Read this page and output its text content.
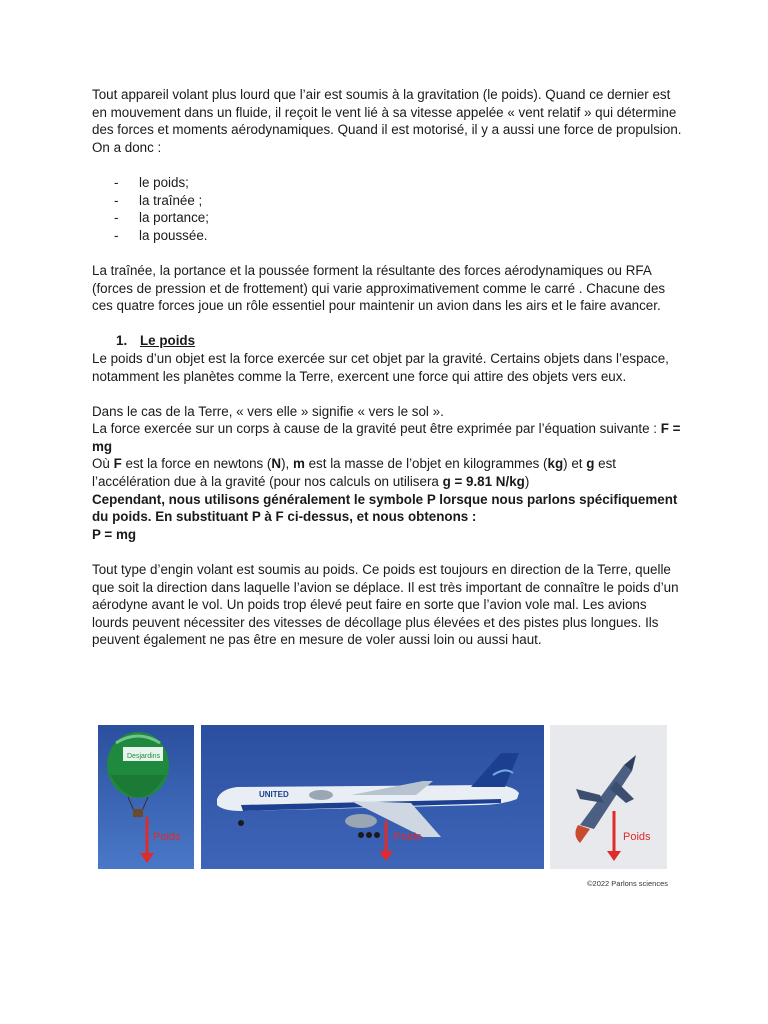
Tout appareil volant plus lourd que l’air est soumis à la gravitation (le poids). Quand ce dernier est en mouvement dans un fluide, il reçoit le vent lié à sa vitesse appelée « vent relatif » qui détermine des forces et moments aérodynamiques. Quand il est motorisé, il y a aussi une force de propulsion. On a donc :

- le poids;
- la traînée ;
- la portance;
- la poussée.

La traînée, la portance et la poussée forment la résultante des forces aérodynamiques ou RFA (forces de pression et de frottement) qui varie approximativement comme le carré . Chacune des ces quatre forces joue un rôle essentiel pour maintenir un avion dans les airs et le faire avancer.

1. Le poids

Le poids d’un objet est la force exercée sur cet objet par la gravité. Certains objets dans l’espace, notamment les planètes comme la Terre, exercent une force qui attire des objets vers eux.

Dans le cas de la Terre, « vers elle » signifie « vers le sol ».

La force exercée sur un corps à cause de la gravité peut être exprimée par l’équation suivante : F = mg

Où F est la force en newtons (N), m est la masse de l’objet en kilogrammes (kg) et g est l’accélération due à la gravité (pour nos calculs on utilisera g = 9.81 N/kg)

Cependant, nous utilisons généralement le symbole P lorsque nous parlons spécifiquement du poids. En substituant P à F ci-dessus, et nous obtenons :

P = mg

Tout type d’engin volant est soumis au poids. Ce poids est toujours en direction de la Terre, quelle que soit la direction dans laquelle l’avion se déplace. Il est très important de connaître le poids d’un aérodyne avant le vol. Un poids trop élevé peut faire en sorte que l’avion vole mal. Les avions lourds peuvent nécessiter des vitesses de décollage plus élevées et des pistes plus longues. Ils peuvent également ne pas être en mesure de voler aussi loin ou aussi haut.

Desjardins
Poids
UNITED
Poids	Poids
©2022 Parlons sciences
